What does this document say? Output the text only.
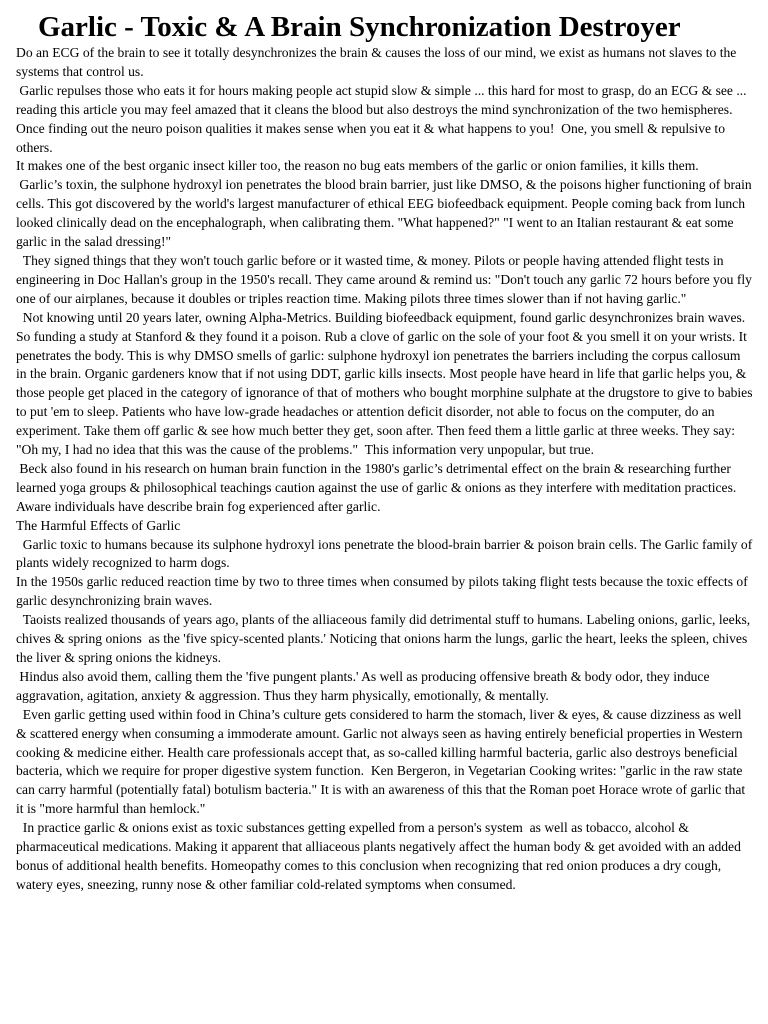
Garlic - Toxic & A Brain Synchronization Destroyer

Do an ECG of the brain to see it totally desynchronizes the brain & causes the loss of our mind, we exist as humans not slaves to the systems that control us.

Garlic repulses those who eats it for hours making people act stupid slow & simple ... this hard for most to grasp, do an ECG & see ...  reading this article you may feel amazed that it cleans the blood but also destroys the mind synchronization of the two hemispheres.  Once finding out the neuro poison qualities it makes sense when you eat it & what happens to you!  One, you smell & repulsive to others.

It makes one of the best organic insect killer too, the reason no bug eats members of the garlic or onion families, it kills them.

Garlic’s toxin, the sulphone hydroxyl ion penetrates the blood brain barrier, just like DMSO, & the poisons higher functioning of brain cells. This got discovered by the world's largest manufacturer of ethical EEG biofeedback equipment. People coming back from lunch looked clinically dead on the encephalograph, when calibrating them. "What happened?" "I went to an Italian restaurant & eat some garlic in the salad dressing!"

They signed things that they won't touch garlic before or it wasted time, & money. Pilots or people having attended flight tests in engineering in Doc Hallan's group in the 1950's recall. They came around & remind us: "Don't touch any garlic 72 hours before you fly one of our airplanes, because it doubles or triples reaction time. Making pilots three times slower than if not having garlic."

Not knowing until 20 years later, owning Alpha-Metrics. Building biofeedback equipment, found garlic desynchronizes brain waves. So funding a study at Stanford & they found it a poison. Rub a clove of garlic on the sole of your foot & you smell it on your wrists. It penetrates the body. This is why DMSO smells of garlic: sulphone hydroxyl ion penetrates the barriers including the corpus callosum in the brain. Organic gardeners know that if not using DDT, garlic kills insects. Most people have heard in life that garlic helps you, & those people get placed in the category of ignorance of that of mothers who bought morphine sulphate at the drugstore to give to babies to put 'em to sleep. Patients who have low-grade headaches or attention deficit disorder, not able to focus on the computer, do an experiment. Take them off garlic & see how much better they get, soon after. Then feed them a little garlic at three weeks. They say: "Oh my, I had no idea that this was the cause of the problems."  This information very unpopular, but true.

Beck also found in his research on human brain function in the 1980's garlic’s detrimental effect on the brain & researching further learned yoga groups & philosophical teachings caution against the use of garlic & onions as they interfere with meditation practices. Aware individuals have describe brain fog experienced after garlic.

The Harmful Effects of Garlic

Garlic toxic to humans because its sulphone hydroxyl ions penetrate the blood-brain barrier & poison brain cells. The Garlic family of plants widely recognized to harm dogs.

In the 1950s garlic reduced reaction time by two to three times when consumed by pilots taking flight tests because the toxic effects of garlic desynchronizing brain waves.

Taoists realized thousands of years ago, plants of the alliaceous family did detrimental stuff to humans. Labeling onions, garlic, leeks, chives & spring onions  as the 'five spicy-scented plants.' Noticing that onions harm the lungs, garlic the heart, leeks the spleen, chives the liver & spring onions the kidneys.

Hindus also avoid them, calling them the 'five pungent plants.' As well as producing offensive breath & body odor, they induce aggravation, agitation, anxiety & aggression. Thus they harm physically, emotionally, & mentally.

Even garlic getting used within food in China’s culture gets considered to harm the stomach, liver & eyes, & cause dizziness as well & scattered energy when consuming a immoderate amount. Garlic not always seen as having entirely beneficial properties in Western cooking & medicine either. Health care professionals accept that, as so-called killing harmful bacteria, garlic also destroys beneficial bacteria, which we require for proper digestive system function.  Ken Bergeron, in Vegetarian Cooking writes: "garlic in the raw state can carry harmful (potentially fatal) botulism bacteria." It is with an awareness of this that the Roman poet Horace wrote of garlic that it is "more harmful than hemlock."

In practice garlic & onions exist as toxic substances getting expelled from a person's system  as well as tobacco, alcohol & pharmaceutical medications. Making it apparent that alliaceous plants negatively affect the human body & get avoided with an added bonus of additional health benefits. Homeopathy comes to this conclusion when recognizing that red onion produces a dry cough, watery eyes, sneezing, runny nose & other familiar cold-related symptoms when consumed.
